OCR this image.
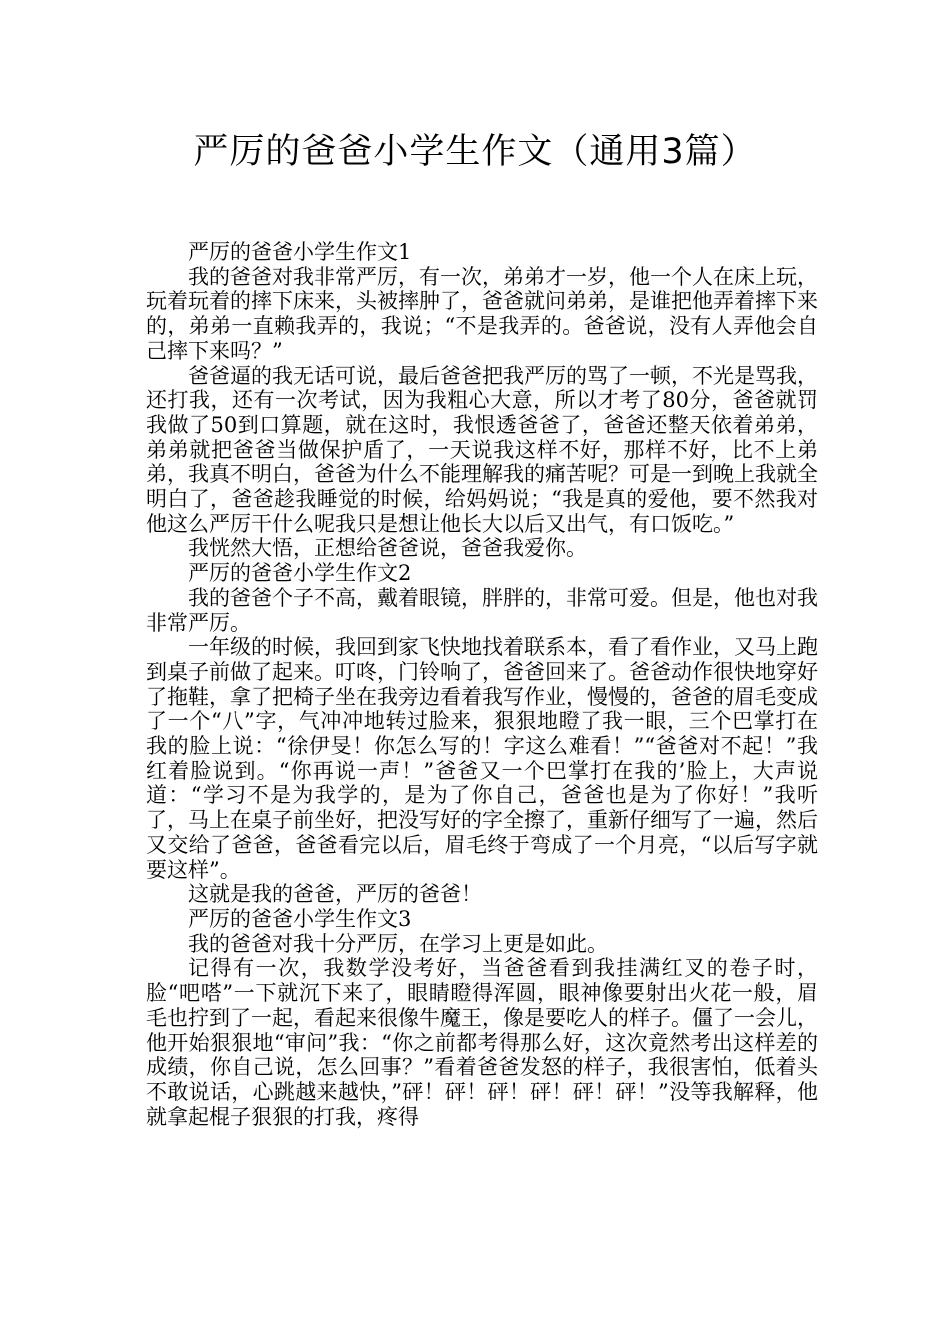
严厉的爸爸小学生作文（通用3篇）

严厉的爸爸小学生作文1

我的爸爸对我非常严厉，有一次，弟弟才一岁，他一个人在床上玩，玩着玩着的摔下床来，头被摔肿了，爸爸就问弟弟，是谁把他弄着摔下来的，弟弟一直赖我弄的，我说；“不是我弄的。爸爸说，没有人弄他会自己摔下来吗？”

爸爸逼的我无话可说，最后爸爸把我严厉的骂了一顿，不光是骂我，还打我，还有一次考试，因为我粗心大意，所以才考了80分，爸爸就罚我做了50到口算题，就在这时，我恨透爸爸了，爸爸还整天依着弟弟，弟弟就把爸爸当做保护盾了，一天说我这样不好，那样不好，比不上弟弟，我真不明白，爸爸为什么不能理解我的痛苦呢？可是一到晚上我就全明白了，爸爸趁我睡觉的时候，给妈妈说；“我是真的爱他，要不然我对他这么严厉干什么呢我只是想让他长大以后又出气，有口饭吃。”

我恍然大悟，正想给爸爸说，爸爸我爱你。

严厉的爸爸小学生作文2

我的爸爸个子不高，戴着眼镜，胖胖的，非常可爱。但是，他也对我非常严厉。

一年级的时候，我回到家飞快地找着联系本，看了看作业，又马上跑到桌子前做了起来。叮咚，门铃响了，爸爸回来了。爸爸动作很快地穿好了拖鞋，拿了把椅子坐在我旁边看着我写作业，慢慢的，爸爸的眉毛变成了一个“八”字，气冲冲地转过脸来，狠狠地瞪了我一眼，三个巴掌打在我的脸上说：“徐伊旻！你怎么写的！字这么难看！”“爸爸对不起！”我红着脸说到。“你再说一声！”爸爸又一个巴掌打在我的’脸上，大声说道：“学习不是为我学的，是为了你自己，爸爸也是为了你好！”我听了，马上在桌子前坐好，把没写好的字全擦了，重新仔细写了一遍，然后又交给了爸爸，爸爸看完以后，眉毛终于弯成了一个月亮，“以后写字就要这样”。

这就是我的爸爸，严厉的爸爸！

严厉的爸爸小学生作文3

我的爸爸对我十分严厉，在学习上更是如此。

记得有一次，我数学没考好，当爸爸看到我挂满红叉的卷子时，脸“吧嗒”一下就沉下来了，眼睛瞪得浑圆，眼神像要射出火花一般，眉毛也拧到了一起，看起来很像牛魔王，像是要吃人的样子。僵了一会儿，他开始狠狠地“审问”我：“你之前都考得那么好，这次竟然考出这样差的成绩，你自己说，怎么回事？”看着爸爸发怒的样子，我很害怕，低着头不敢说话，心跳越来越快，”砰！砰！砰！砰！砰！砰！”没等我解释，他就拿起棍子狠狠的打我，疼得
